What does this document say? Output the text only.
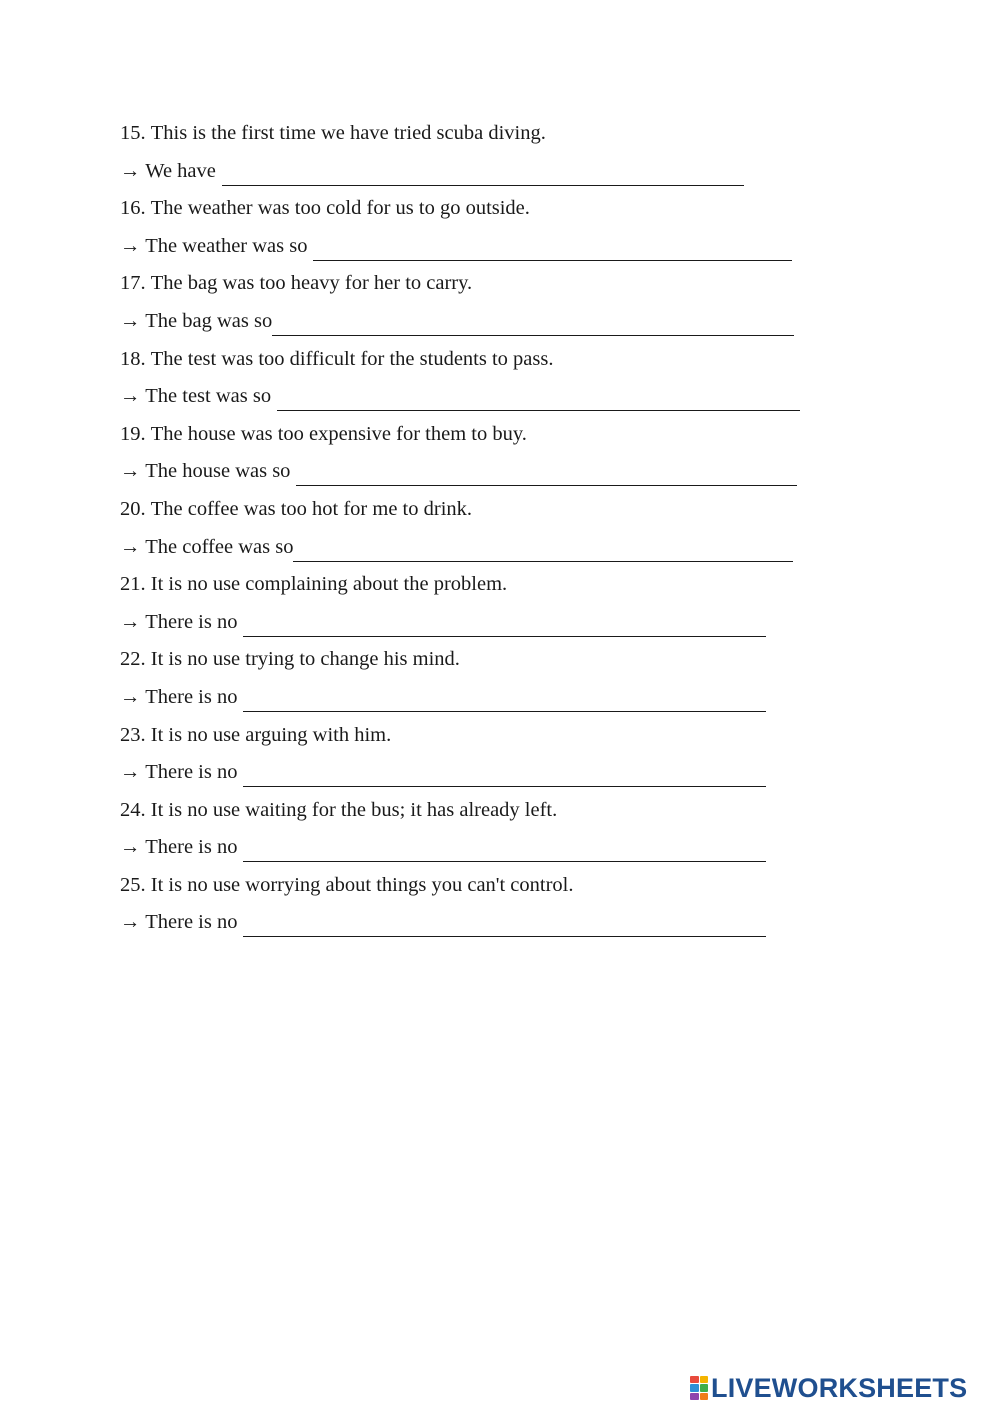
15.
This is the first time we have tried scuba diving.
→ We have
16.
The weather was too cold for us to go outside.
→ The weather was so
17.
The bag was too heavy for her to carry.
→ The bag was so
18.
The test was too difficult for the students to pass.
→ The test was so
19.
The house was too expensive for them to buy.
→ The house was so
20.
The coffee was too hot for me to drink.
→ The coffee was so
21.
It is no use complaining about the problem.
→ There is no
22.
It is no use trying to change his mind.
→ There is no
23.
It is no use arguing with him.
→ There is no
24.
It is no use waiting for the bus; it has already left.
→ There is no
25.
It is no use worrying about things you can't control.
→ There is no
LIVEWORKSHEETS
